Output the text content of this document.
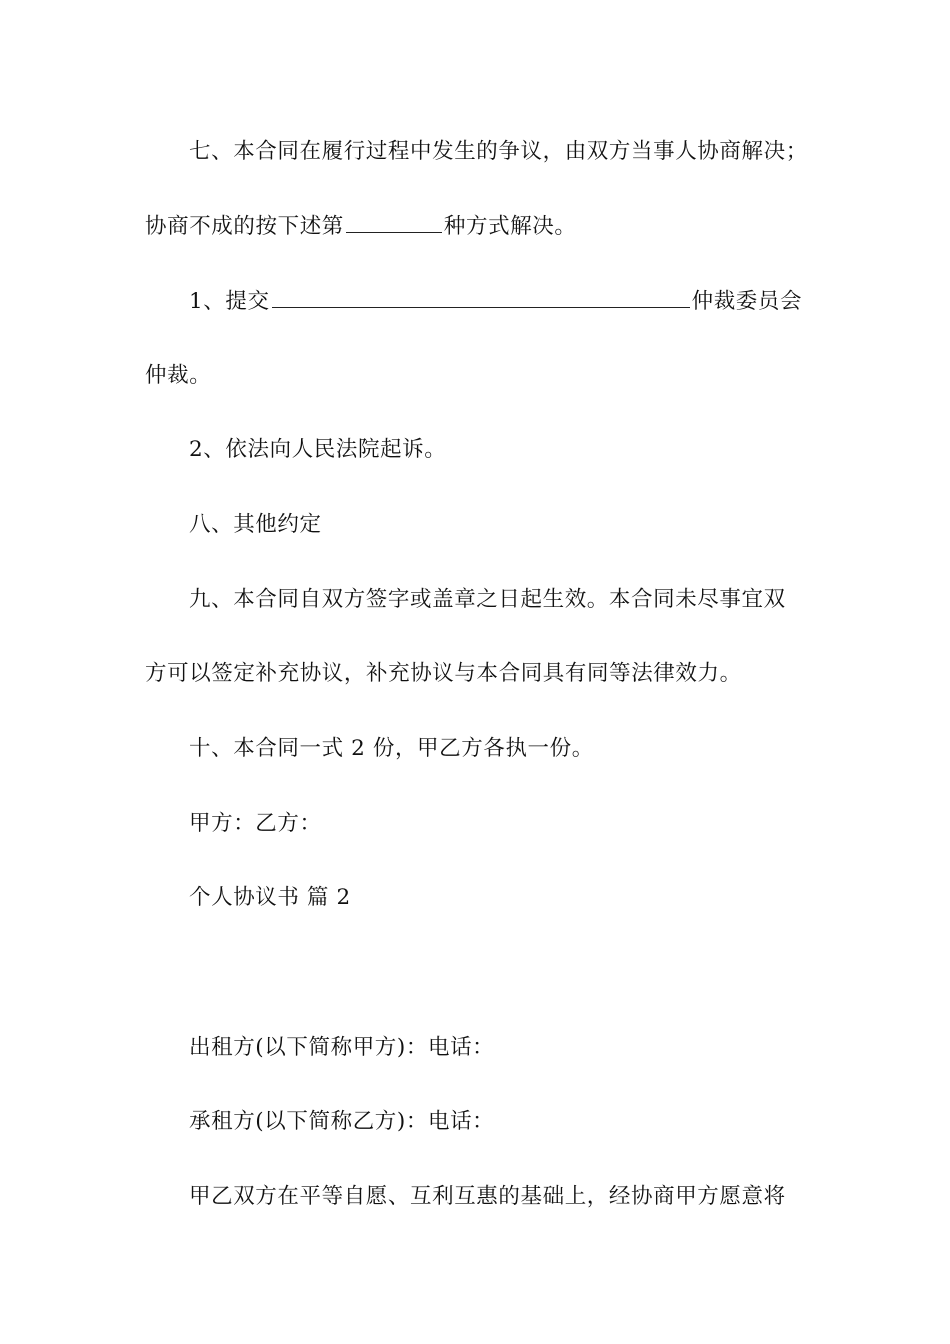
七、本合同在履行过程中发生的争议，由双方当事人协商解决；
协商不成的按下述第	种方式解决。
1、提交	仲裁委员会
仲裁。
2、依法向人民法院起诉。
八、其他约定
九、本合同自双方签字或盖章之日起生效。本合同未尽事宜双
方可以签定补充协议，补充协议与本合同具有同等法律效力。
十、本合同一式 2 份，甲乙方各执一份。
甲方：乙方：
个人协议书 篇 2
出租方(以下简称甲方)：电话：
承租方(以下简称乙方)：电话：
甲乙双方在平等自愿、互利互惠的基础上，经协商甲方愿意将
